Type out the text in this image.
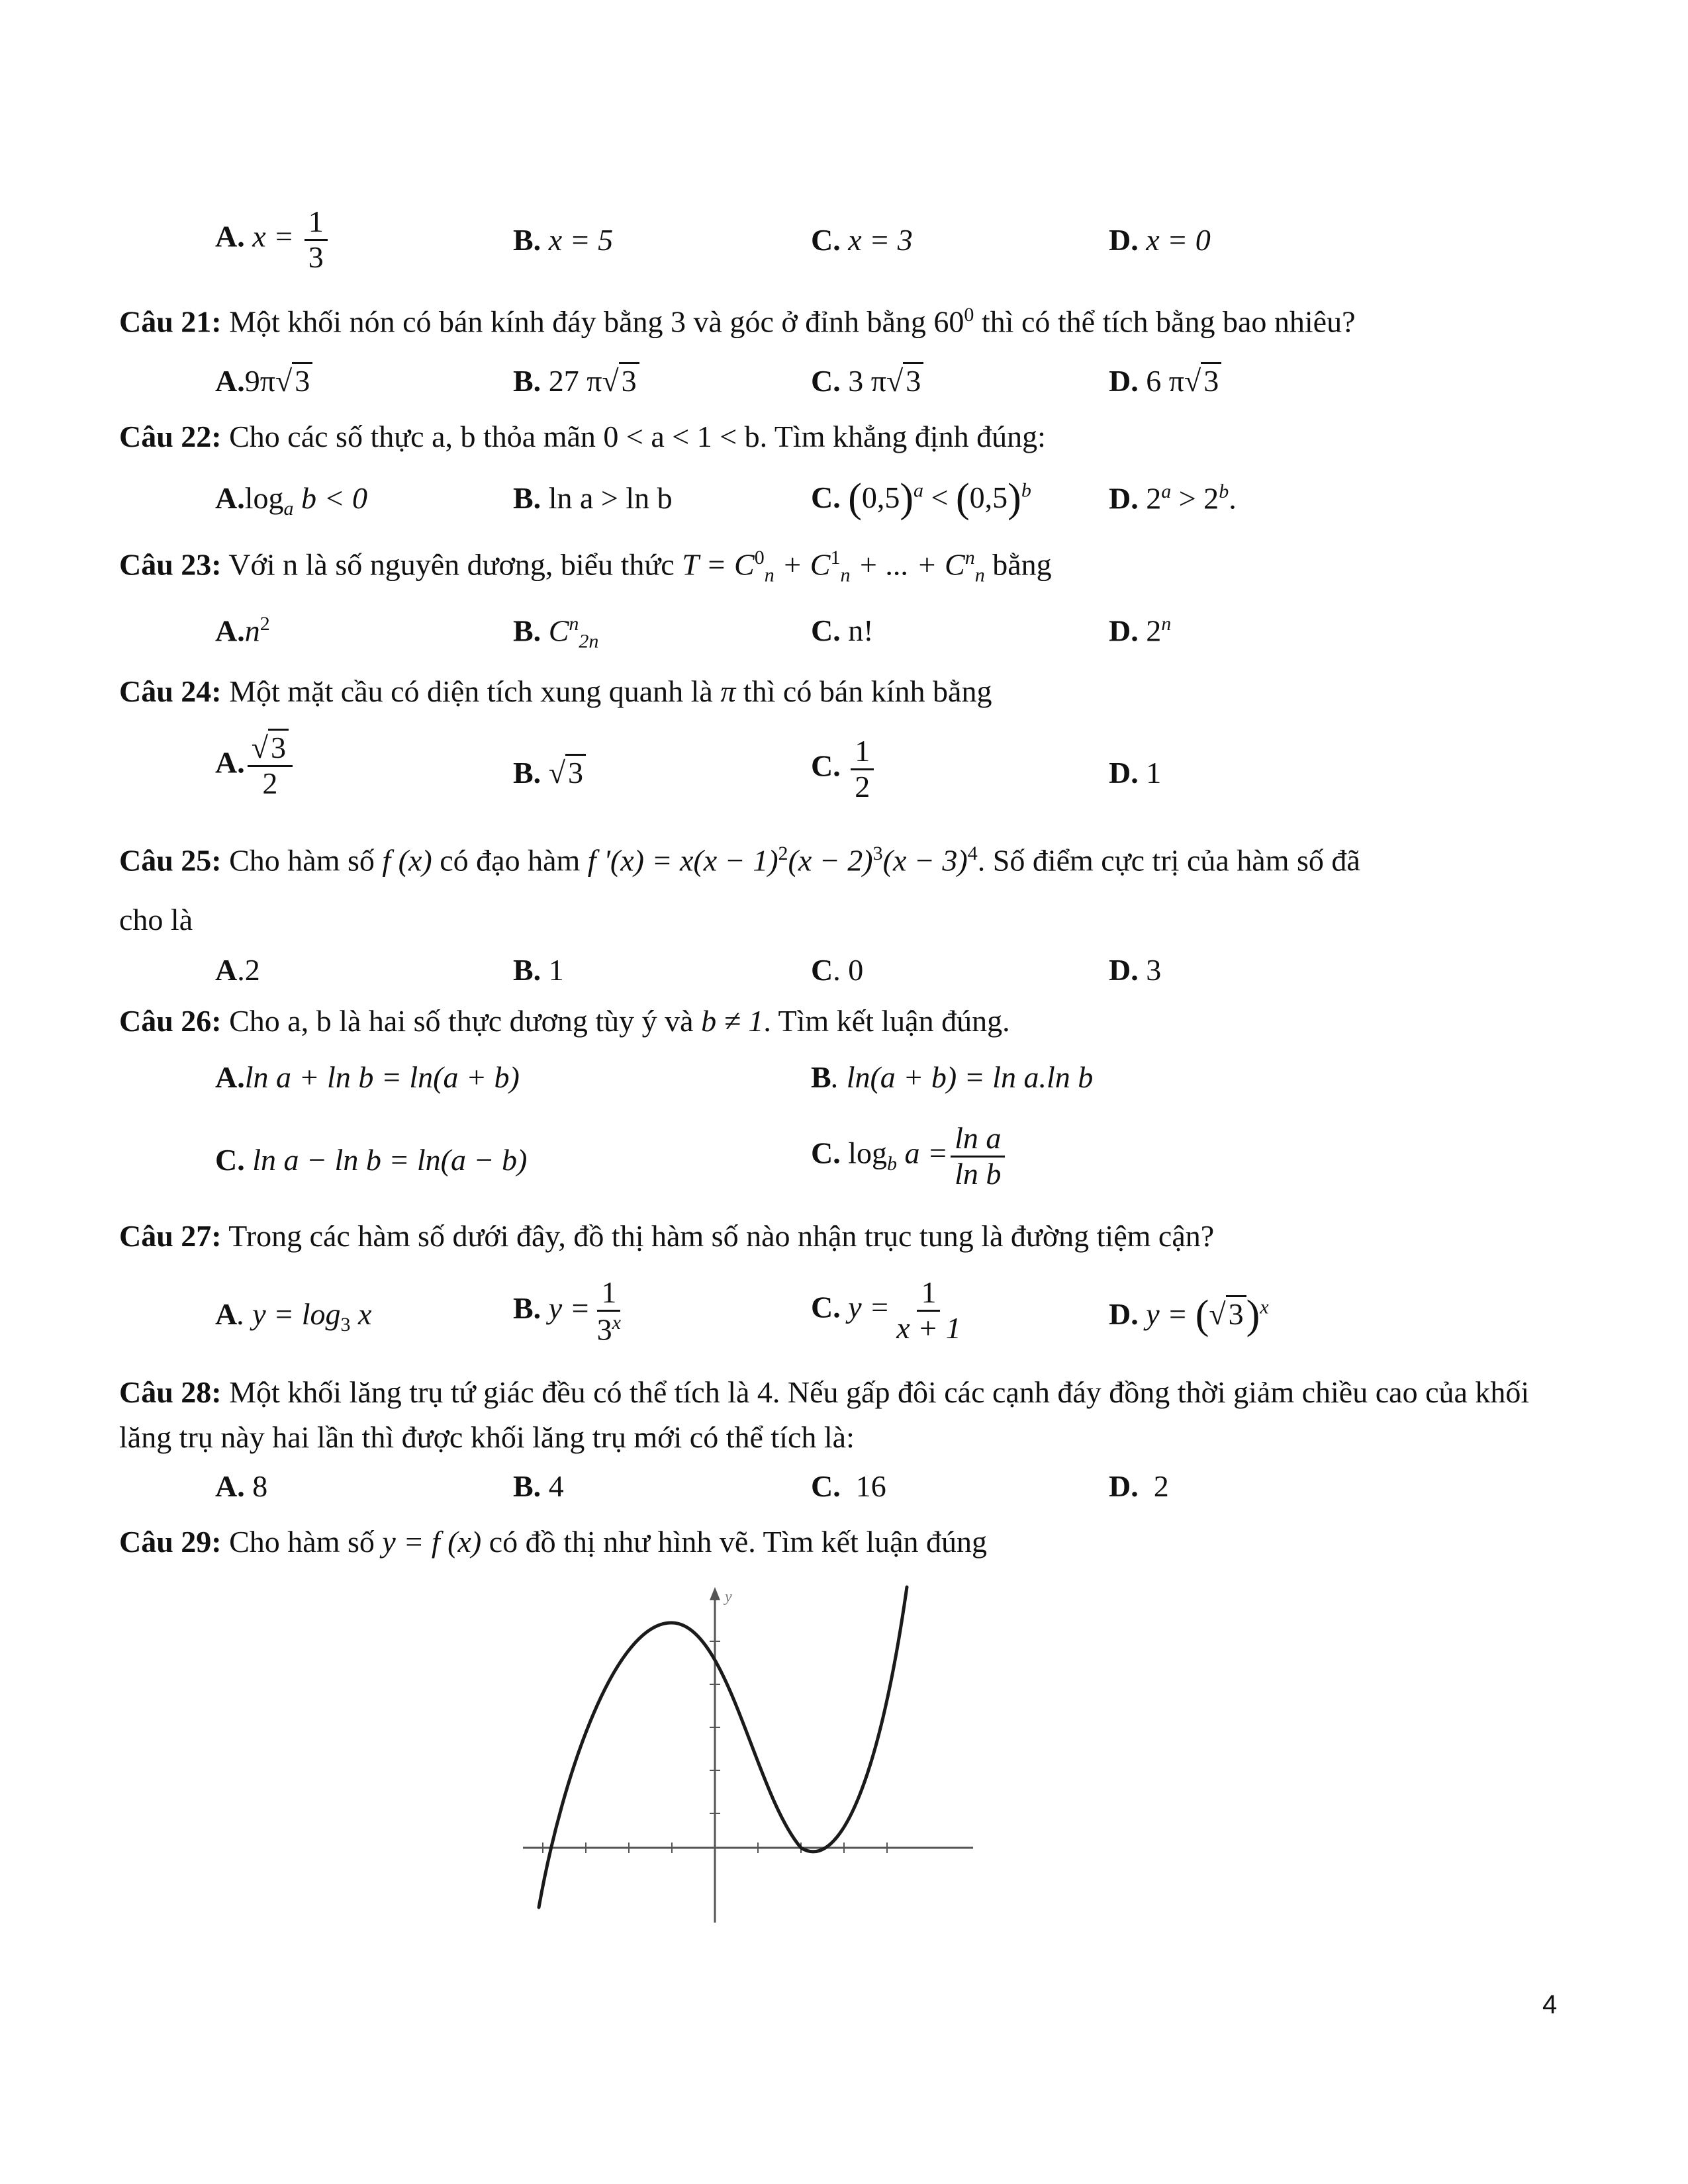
A. $x = \frac{1}{3}$	B. x = 5	C. x = 3	D. x = 0
Câu 21: Một khối nón có bán kính đáy bằng 3 và góc ở đỉnh bằng $60^0$ thì có thể tích bằng bao nhiêu?
A.9π√3	B. 27 π√3	C. 3 π√3	D. 6 π√3
Câu 22: Cho các số thực a, b thỏa mãn 0 < a < 1 < b. Tìm khẳng định đúng:
$A.\log_a$ b < 0	B. ln a > ln b	C. $(0,5)^a < (0,5)^b$	D. $2^a > 2^b$.
Câu 23: Với n là số nguyên dương, biểu thức $T = C^0_n + C^1_n$ + ... + $C^n_n$ bằng
$A.n^2$	B. $C^n_{2n}$	C. n!	D. 2$^n$
Câu 24: Một mặt cầu có diện tích xung quanh là π thì có bán kính bằng
A. $\frac{√3}{2}$	B. √3	C. $\frac{1}{2}$	D. 1
Câu 25: Cho hàm số f (x) có đạo hàm f '$(x) = x(x - 1)^2(x - 2)^3(x - 3)^4$. Số điểm cực trị của hàm số đã
cho là
A.2	B. 1	C. 0	D. 3
Câu 26: Cho a, b là hai số thực dương tùy ý và b ≠ 1. Tìm kết luận đúng.
A.ln a + ln b = ln(a + b)	B. ln(a + b) = ln a.ln b
C. ln a − ln b = ln(a − b)	C. $\log_b a = \frac{\text{ln a}}{\text{ln b}}$
Câu 27: Trong các hàm số dưới đây, đồ thị hàm số nào nhận trục tung là đường tiệm cận?
A. $y = \log_3 x$	B. $y = \frac{1}{3^x}$	C. $y = \frac{1}{x + 1}$	D. $y = (√3)^x$
Câu 28: Một khối lăng trụ tứ giác đều có thể tích là 4. Nếu gấp đôi các cạnh đáy đồng thời giảm chiều cao của khối lăng trụ này hai lần thì được khối lăng trụ mới có thể tích là:
A. 8	B. 4	C. 16	D. 2
Câu 29: Cho hàm số y = f (x) có đồ thị như hình vẽ. Tìm kết luận đúng
y
4
